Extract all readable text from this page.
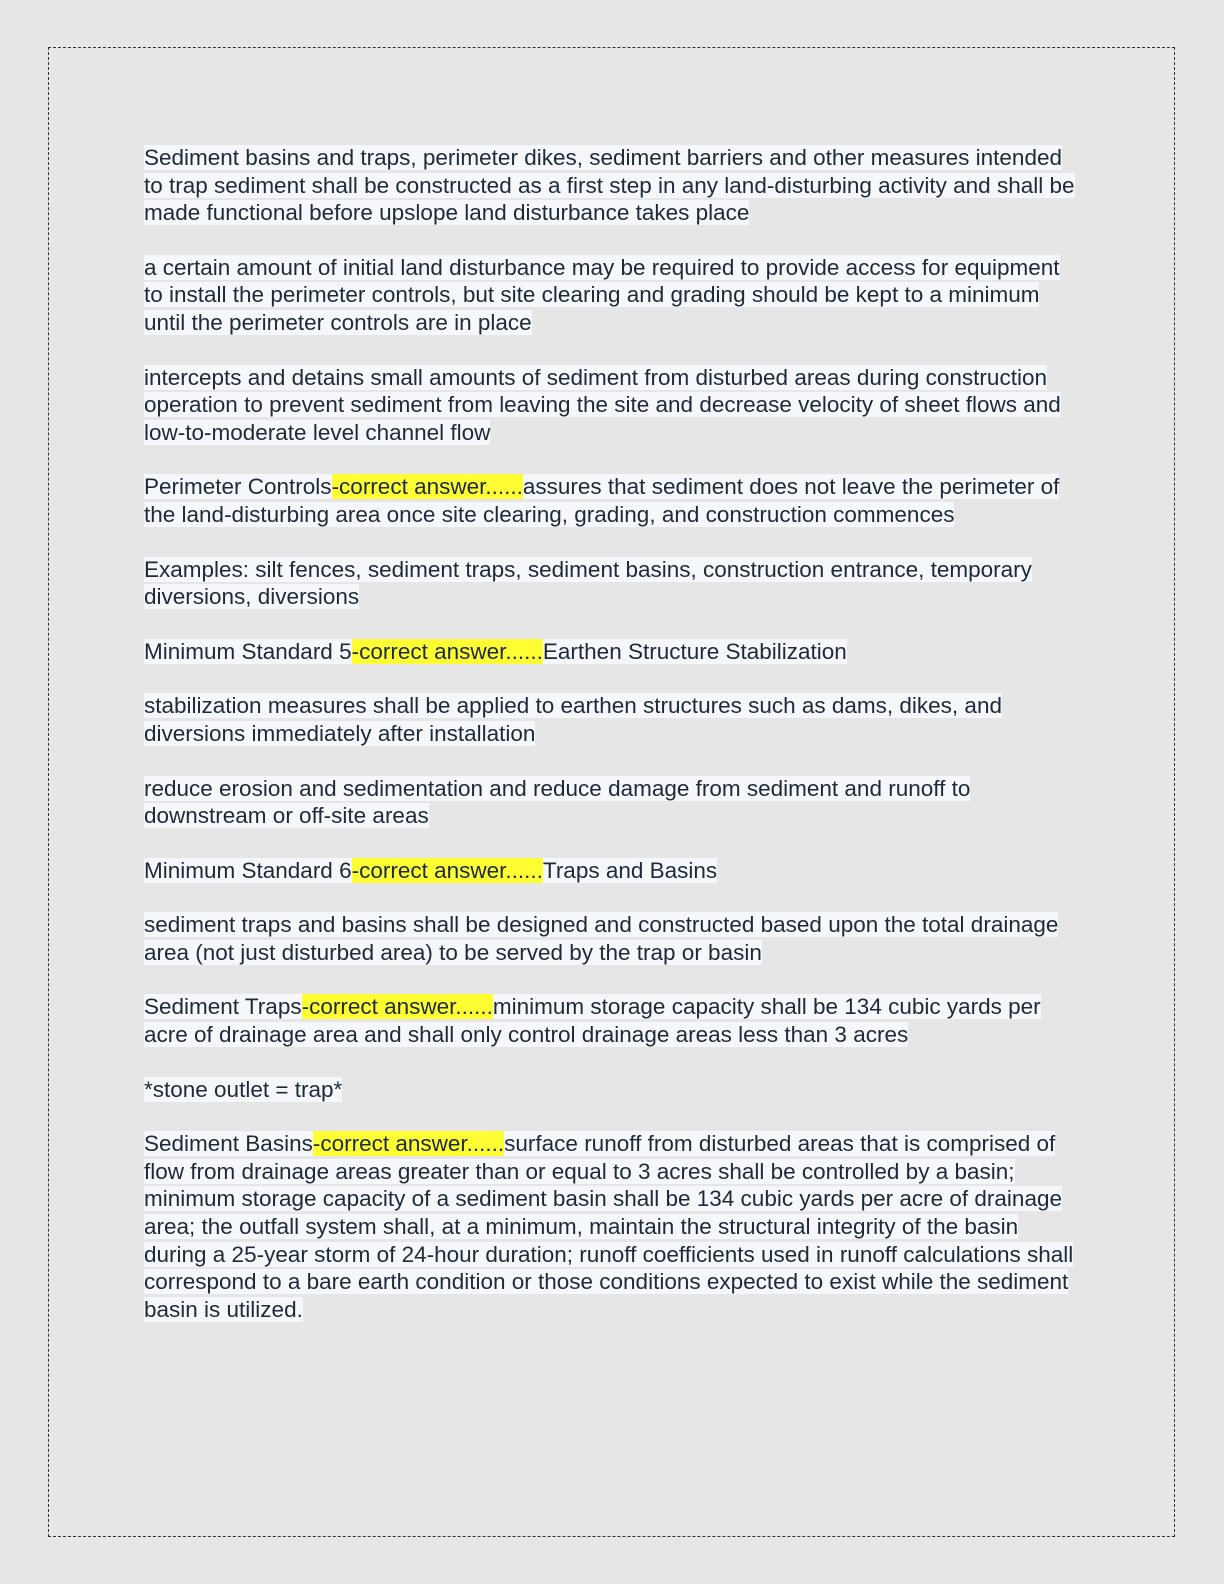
Sediment basins and traps, perimeter dikes, sediment barriers and other measures intended to trap sediment shall be constructed as a first step in any land-disturbing activity and shall be made functional before upslope land disturbance takes place

a certain amount of initial land disturbance may be required to provide access for equipment to install the perimeter controls, but site clearing and grading should be kept to a minimum until the perimeter controls are in place

intercepts and detains small amounts of sediment from disturbed areas during construction operation to prevent sediment from leaving the site and decrease velocity of sheet flows and low-to-moderate level channel flow

Perimeter Controls-correct answer......assures that sediment does not leave the perimeter of the land-disturbing area once site clearing, grading, and construction commences

Examples: silt fences, sediment traps, sediment basins, construction entrance, temporary diversions, diversions

Minimum Standard 5-correct answer......Earthen Structure Stabilization

stabilization measures shall be applied to earthen structures such as dams, dikes, and diversions immediately after installation

reduce erosion and sedimentation and reduce damage from sediment and runoff to downstream or off-site areas

Minimum Standard 6-correct answer......Traps and Basins

sediment traps and basins shall be designed and constructed based upon the total drainage area (not just disturbed area) to be served by the trap or basin

Sediment Traps-correct answer......minimum storage capacity shall be 134 cubic yards per acre of drainage area and shall only control drainage areas less than 3 acres

*stone outlet = trap*

Sediment Basins-correct answer......surface runoff from disturbed areas that is comprised of flow from drainage areas greater than or equal to 3 acres shall be controlled by a basin; minimum storage capacity of a sediment basin shall be 134 cubic yards per acre of drainage area; the outfall system shall, at a minimum, maintain the structural integrity of the basin during a 25-year storm of 24-hour duration; runoff coefficients used in runoff calculations shall correspond to a bare earth condition or those conditions expected to exist while the sediment basin is utilized.
